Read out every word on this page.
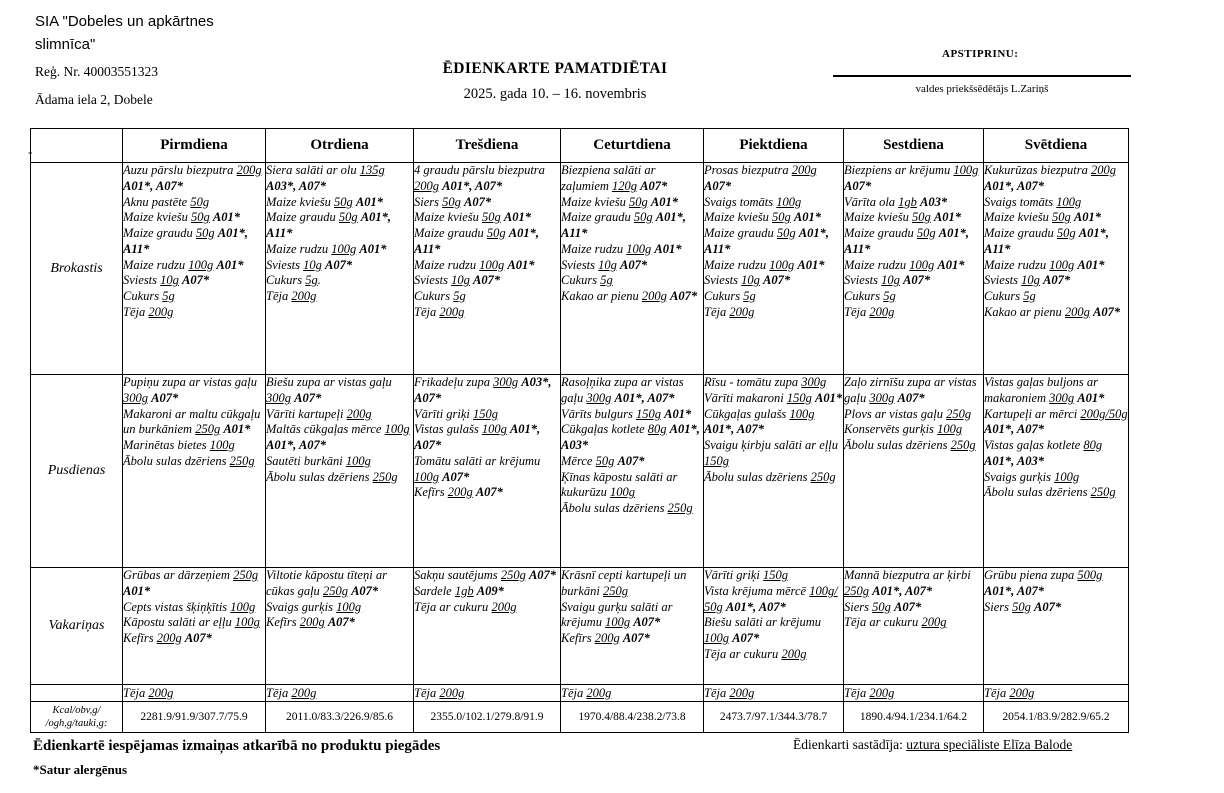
SIA "Dobeles un apkārtnes slimnīca"
Reģ. Nr. 40003551323
Ādama iela 2, Dobele
ĒDIENKARTE PAMATDIĒTAI
2025. gada 10. – 16. novembris
APSTIPRINU:
valdes priekšsēdētājs L.Zariņš
-
		Pirmdiena	Otrdiena	Trešdiena	Ceturtdiena	Piektdiena	Sestdiena	Svētdiena
Brokastis	
Auzu pārslu biezputra 200g A01*, A07*
Aknu pastēte 50g
Maize kviešu 50g A01*
Maize graudu 50g A01*, A11*
Maize rudzu 100g A01*
Sviests 10g A07*
Cukurs 5g
Tēja 200g

Siera salāti ar olu 135g A03*, A07*
Maize kviešu 50g A01*
Maize graudu 50g A01*, A11*
Maize rudzu 100g A01*
Sviests 10g A07*
Cukurs 5g.
Tēja 200g

4 graudu pārslu biezputra 200g A01*, A07*
Siers 50g A07*
Maize kviešu 50g A01*
Maize graudu 50g A01*, A11*
Maize rudzu 100g A01*
Sviests 10g A07*
Cukurs 5g
Tēja 200g

Biezpiena salāti ar zaļumiem 120g A07*
Maize kviešu 50g A01*
Maize graudu 50g A01*, A11*
Maize rudzu 100g A01*
Sviests 10g A07*
Cukurs 5g
Kakao ar pienu 200g A07*

Prosas biezputra 200g A07*
Svaigs tomāts 100g
Maize kviešu 50g A01*
Maize graudu 50g A01*, A11*
Maize rudzu 100g A01*
Sviests 10g A07*
Cukurs 5g
Tēja 200g

Biezpiens ar krējumu 100g A07*
Vārīta ola 1gb A03*
Maize kviešu 50g A01*
Maize graudu 50g A01*, A11*
Maize rudzu 100g A01*
Sviests 10g A07*
Cukurs 5g
Tēja 200g

Kukurūzas biezputra 200g A01*, A07*
Svaigs tomāts 100g
Maize kviešu 50g A01*
Maize graudu 50g A01*, A11*
Maize rudzu 100g A01*
Sviests 10g A07*
Cukurs 5g
Kakao ar pienu 200g A07*

Pusdienas	
Pupiņu zupa ar vistas gaļu 300g A07*
Makaroni ar maltu cūkgaļu un burkāniem 250g A01*
Marinētas bietes 100g
Ābolu sulas dzēriens 250g

Biešu zupa ar vistas gaļu 300g A07*
Vārīti kartupeļi 200g
Maltās cūkgaļas mērce 100g A01*, A07*
Sautēti burkāni 100g
Ābolu sulas dzēriens 250g

Frikadeļu zupa 300g A03*, A07*
Vārīti griķi 150g
Vistas gulašs 100g A01*, A07*
Tomātu salāti ar krējumu 100g A07*
Kefīrs 200g A07*

Rasoļņika zupa ar vistas gaļu 300g A01*, A07*
Vārīts bulgurs 150g A01*
Cūkgaļas kotlete 80g A01*, A03*
Mērce 50g A07*
Ķīnas kāpostu salāti ar kukurūzu 100g
Ābolu sulas dzēriens 250g

Rīsu - tomātu zupa 300g
Vārīti makaroni 150g A01*
Cūkgaļas gulašs 100g A01*, A07*
Svaigu ķirbju salāti ar eļļu 150g
Ābolu sulas dzēriens 250g

Zaļo zirnīšu zupa ar vistas gaļu 300g A07*
Plovs ar vistas gaļu 250g
Konservēts gurķis 100g
Ābolu sulas dzēriens 250g

Vistas gaļas buljons ar makaroniem 300g A01*
Kartupeļi ar mērci 200g/50g A01*, A07*
Vistas gaļas kotlete 80g A01*, A03*
Svaigs gurķis 100g
Ābolu sulas dzēriens 250g

Vakariņas	
Grūbas ar dārzeņiem 250g A01*
Cepts vistas šķiņķītis 100g
Kāpostu salāti ar eļļu 100g
Kefīrs 200g A07*

Viltotie kāpostu tīteņi ar cūkas gaļu 250g A07*
Svaigs gurķis 100g
Kefīrs 200g A07*

Sakņu sautējums 250g A07*
Sardele 1gb A09*
Tēja ar cukuru 200g

Krāsnī cepti kartupeļi un burkāni 250g
Svaigu gurķu salāti ar krējumu 100g A07*
Kefīrs 200g A07*

Vārīti griķi 150g
Vista krējuma mērcē 100g/ 50g A01*, A07*
Biešu salāti ar krējumu 100g A07*
Tēja ar cukuru 200g

Mannā biezputra ar ķirbi 250g A01*, A07*
Siers 50g A07*
Tēja ar cukuru 200g

Grūbu piena zupa 500g A01*, A07*
Siers 50g A07*

	Tēja 200g	Tēja 200g	Tēja 200g	Tēja 200g	Tēja 200g	Tēja 200g	Tēja 200g

Kcal/obv,g/
/ogh,g/tauki,g:	2281.9/91.9/307.7/75.9	2011.0/83.3/226.9/85.6	2355.0/102.1/279.8/91.9	1970.4/88.4/238.2/73.8	2473.7/97.1/344.3/78.7	1890.4/94.1/234.1/64.2	2054.1/83.9/282.9/65.2
Ēdienkartē iespējamas izmaiņas atkarībā no produktu piegādes
*Satur alergēnus
Ēdienkarti sastādīja: uztura speciāliste Elīza Balode
